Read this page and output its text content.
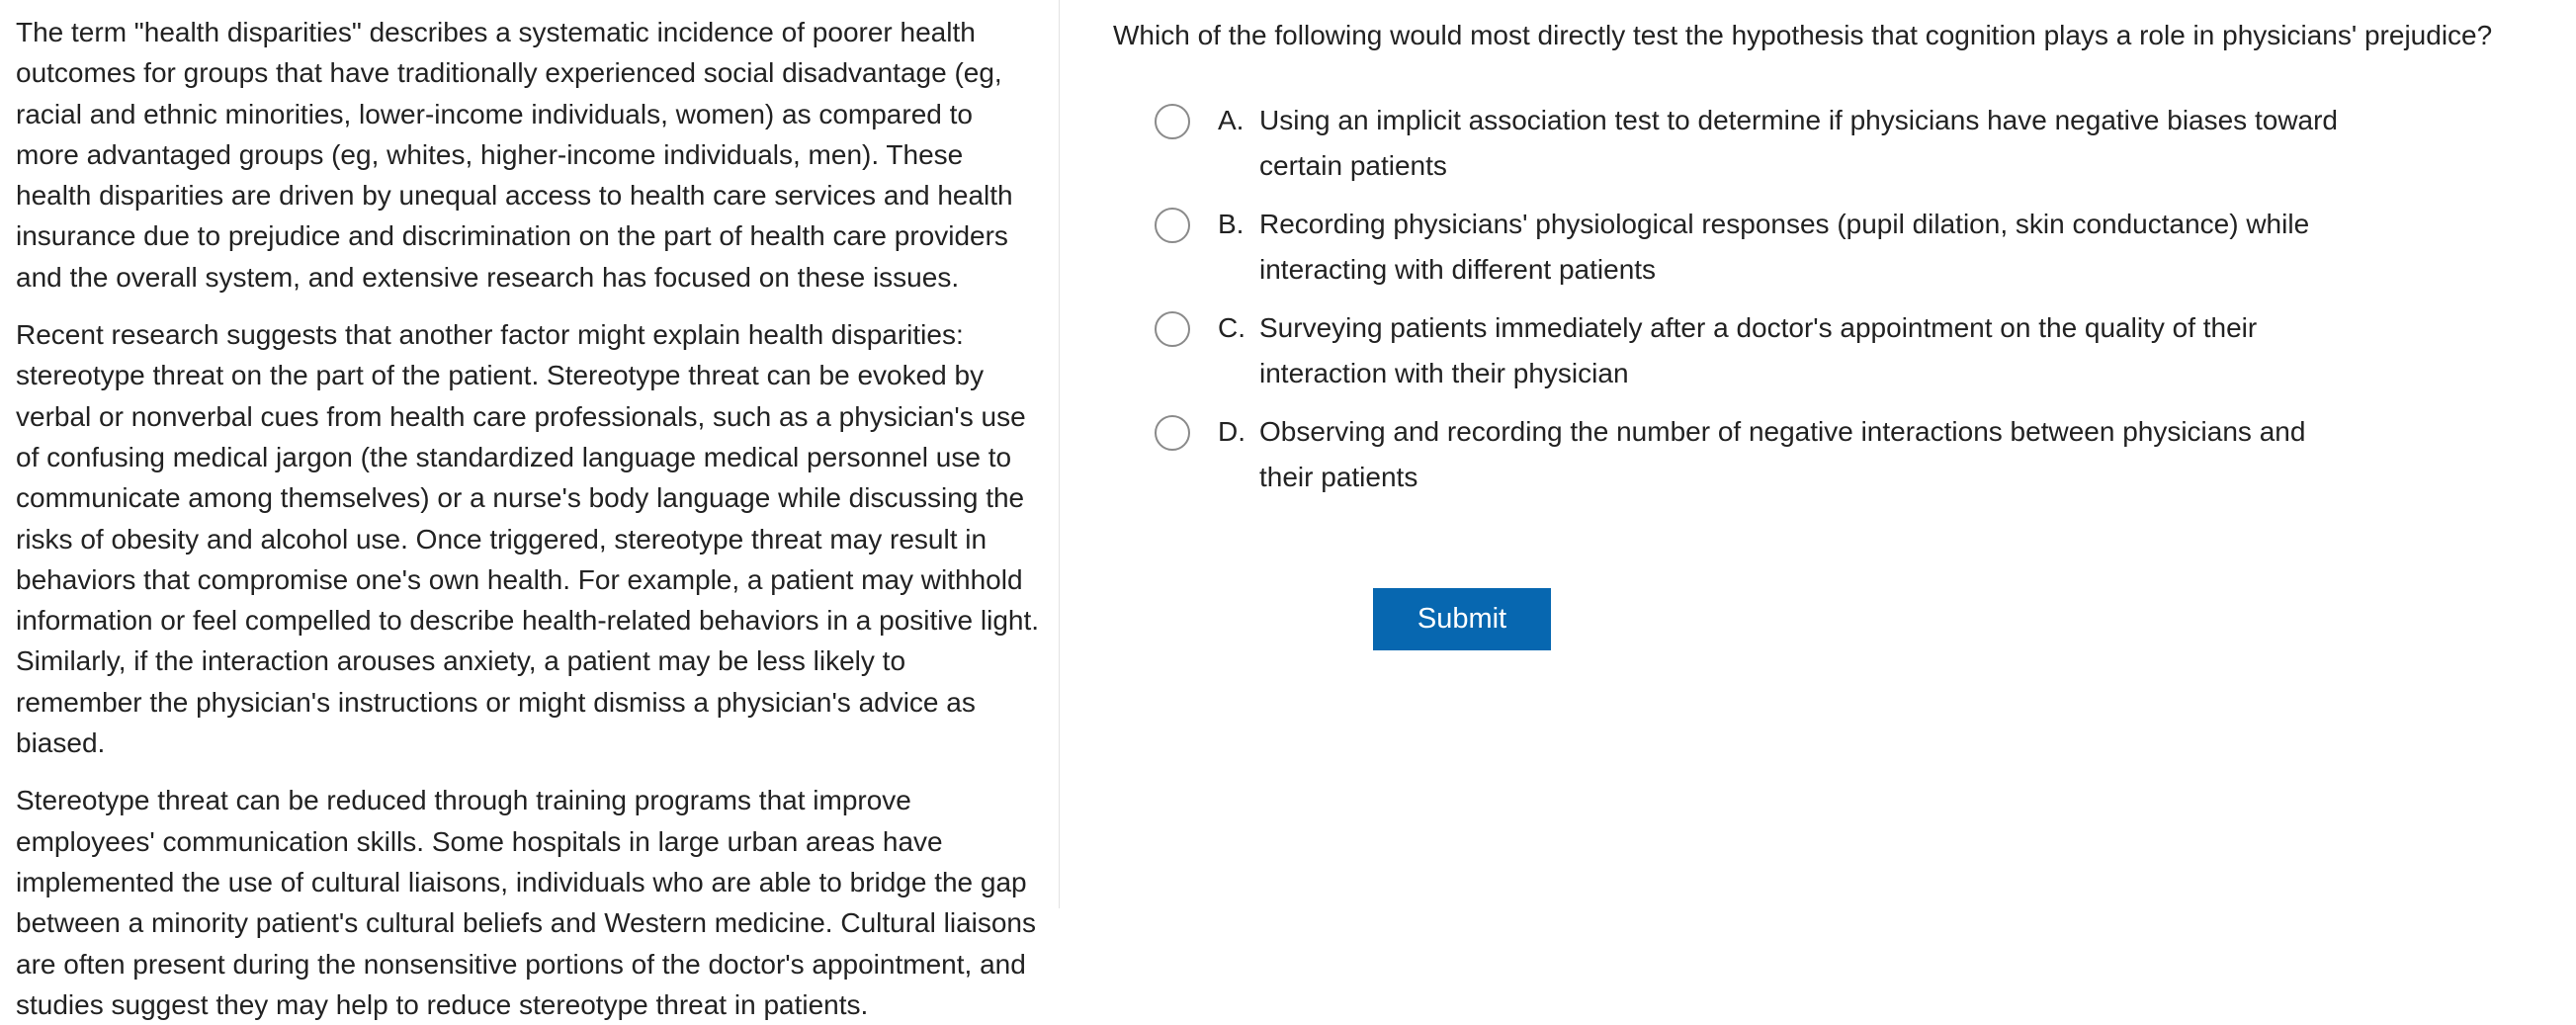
The term "health disparities" describes a systematic incidence of poorer health outcomes for groups that have traditionally experienced social disadvantage (eg, racial and ethnic minorities, lower-income individuals, women) as compared to more advantaged groups (eg, whites, higher-income individuals, men). These health disparities are driven by unequal access to health care services and health insurance due to prejudice and discrimination on the part of health care providers and the overall system, and extensive research has focused on these issues.

Recent research suggests that another factor might explain health disparities: stereotype threat on the part of the patient. Stereotype threat can be evoked by verbal or nonverbal cues from health care professionals, such as a physician's use of confusing medical jargon (the standardized language medical personnel use to communicate among themselves) or a nurse's body language while discussing the risks of obesity and alcohol use. Once triggered, stereotype threat may result in behaviors that compromise one's own health. For example, a patient may withhold information or feel compelled to describe health-related behaviors in a positive light. Similarly, if the interaction arouses anxiety, a patient may be less likely to remember the physician's instructions or might dismiss a physician's advice as biased.

Stereotype threat can be reduced through training programs that improve employees' communication skills. Some hospitals in large urban areas have implemented the use of cultural liaisons, individuals who are able to bridge the gap between a minority patient's cultural beliefs and Western medicine. Cultural liaisons are often present during the nonsensitive portions of the doctor's appointment, and studies suggest they may help to reduce stereotype threat in patients.

Which of the following would most directly test the hypothesis that cognition plays a role in physicians' prejudice?
A. Using an implicit association test to determine if physicians have negative biases toward certain patients
B. Recording physicians' physiological responses (pupil dilation, skin conductance) while interacting with different patients
C. Surveying patients immediately after a doctor's appointment on the quality of their interaction with their physician
D. Observing and recording the number of negative interactions between physicians and their patients
Submit
